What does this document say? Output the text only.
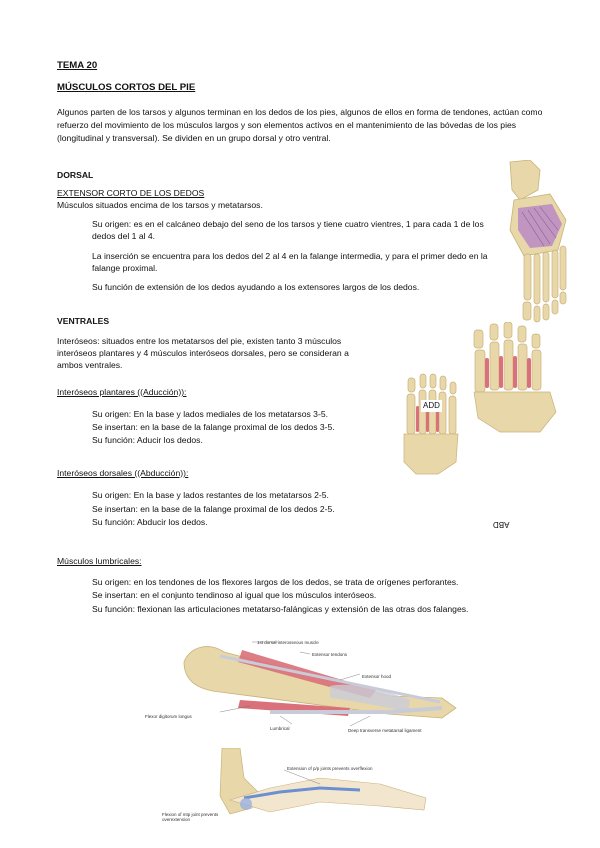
TEMA 20
MÚSCULOS CORTOS DEL PIE
Algunos parten de los tarsos y algunos terminan en los dedos de los pies, algunos de ellos en forma de tendones, actúan como refuerzo del movimiento de los músculos largos y son elementos activos en el mantenimiento de las bóvedas de los pies (longitudinal y transversal). Se dividen en un grupo dorsal y otro ventral.
DORSAL
EXTENSOR CORTO DE LOS DEDOS
Músculos situados encima de los tarsos y metatarsos.
Su origen: es en el calcáneo debajo del seno de los tarsos y tiene cuatro vientres, 1 para cada 1 de los dedos del 1 al 4.
La inserción se encuentra para los dedos del 2 al 4 en la falange intermedia, y para el primer dedo en la falange proximal.
Su función de extensión de los dedos ayudando a los extensores largos de los dedos.
VENTRALES
Interóseos: situados entre los metatarsos del pie, existen tanto 3 músculos interóseos plantares y 4 músculos interóseos dorsales, pero se consideran a ambos ventrales.
Interóseos plantares ((Aducción)):
Su origen: En la base y lados mediales de los metatarsos 3-5.
Se insertan: en la base de la falange proximal de los dedos 3-5.
Su función: Aducir los dedos.
Interóseos dorsales ((Abducción)):
Su origen: En la base y lados restantes de los metatarsos 2-5.
Se insertan: en la base de la falange proximal de los dedos 2-5.
Su función: Abducir los dedos.
Músculos lumbricales:
Su origen: en los tendones de los flexores largos de los dedos, se trata de orígenes perforantes.
Se insertan: en el conjunto tendinoso al igual que los músculos interóseos.
Su función: flexionan las articulaciones metatarso-falángicas y extensión de las otras dos falanges.
ADD
ABD
1st dorsal interosseous muscle
Extensor tendons
Extensor hood
Flexor digitorum longus
Lumbrical	Deep transverse metatarsal ligament
Extension of p/p joints prevents overflexion
Flexion of mtp joint prevents overextension
